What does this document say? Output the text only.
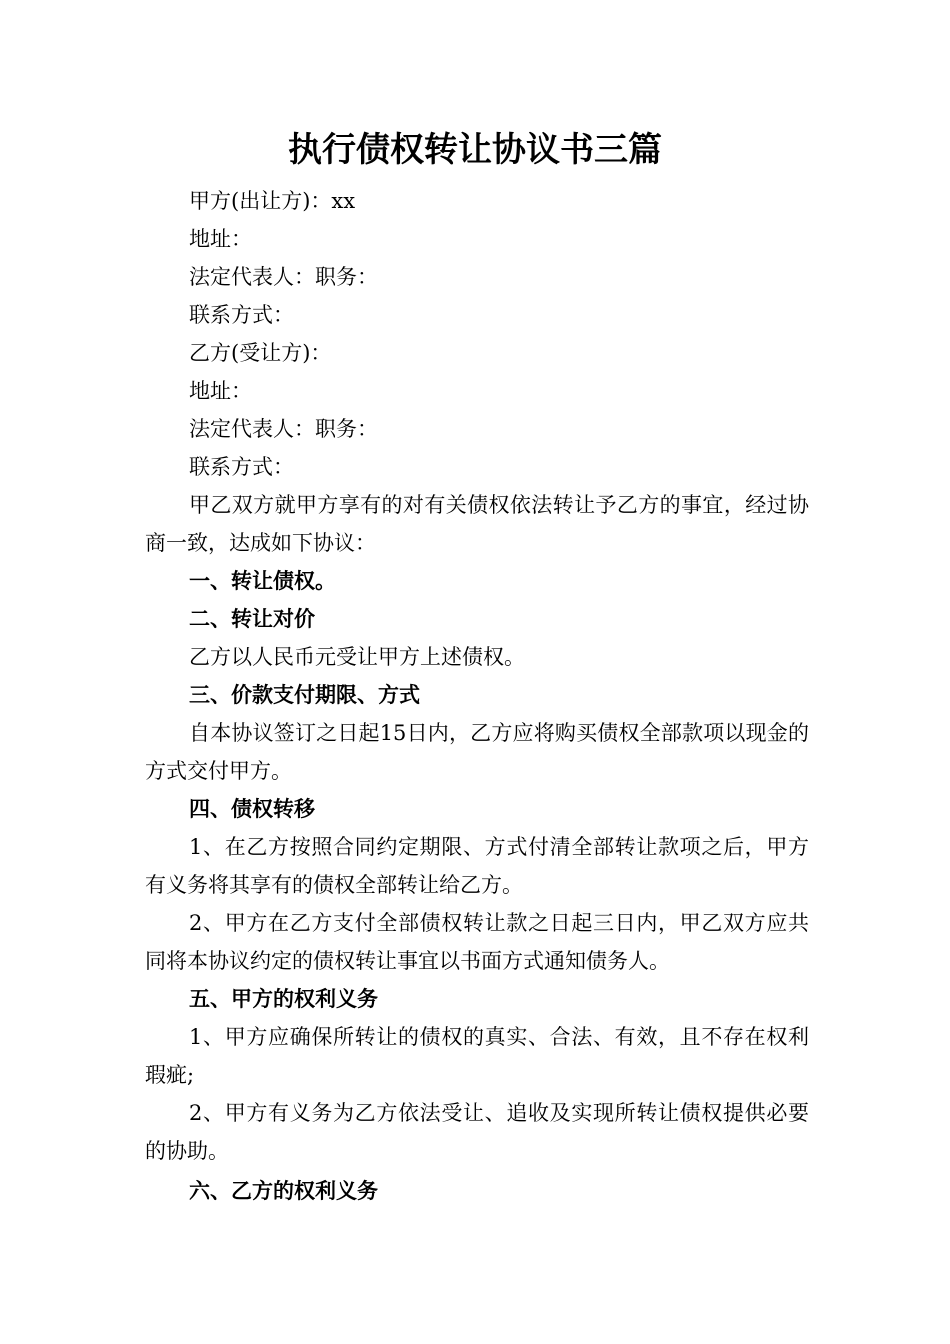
执行债权转让协议书三篇
甲方(出让方)：xx
地址：
法定代表人：职务：
联系方式：
乙方(受让方)：
地址：
法定代表人：职务：
联系方式：

甲乙双方就甲方享有的对有关债权依法转让予乙方的事宜，经过协商一致，达成如下协议：

一、转让债权。
二、转让对价

乙方以人民币元受让甲方上述债权。

三、价款支付期限、方式

自本协议签订之日起15日内，乙方应将购买债权全部款项以现金的方式交付甲方。

四、债权转移

1、在乙方按照合同约定期限、方式付清全部转让款项之后，甲方有义务将其享有的债权全部转让给乙方。

2、甲方在乙方支付全部债权转让款之日起三日内，甲乙双方应共同将本协议约定的债权转让事宜以书面方式通知债务人。

五、甲方的权利义务

1、甲方应确保所转让的债权的真实、合法、有效，且不存在权利瑕疵;

2、甲方有义务为乙方依法受让、追收及实现所转让债权提供必要的协助。

六、乙方的权利义务
